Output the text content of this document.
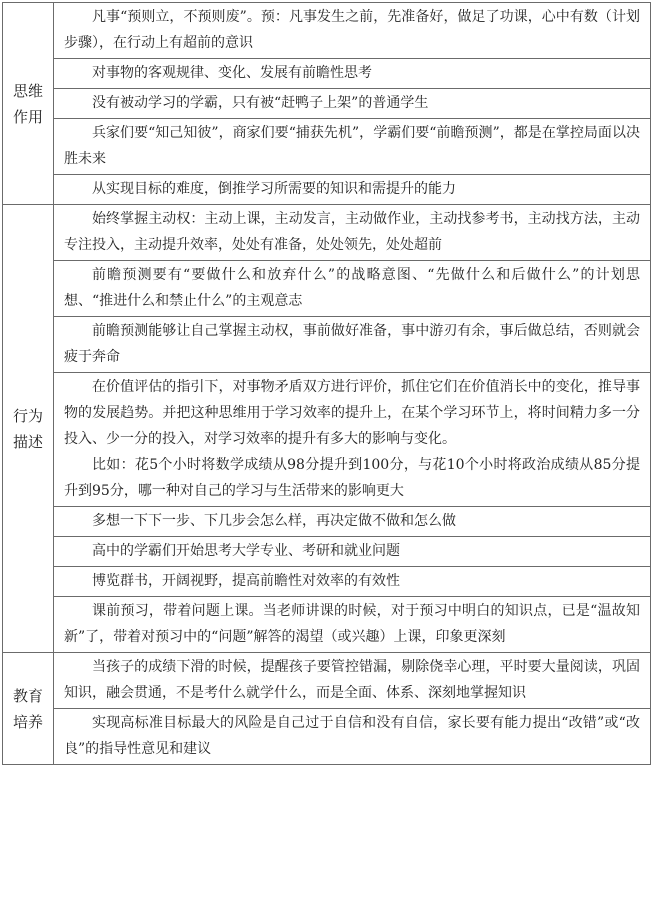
思维
作用	凡事“预则立，不预则废”。预：凡事发生之前，先准备好，做足了功课，心中有数（计划步骤），在行动上有超前的意识

	对事物的客观规律、变化、发展有前瞻性思考

	没有被动学习的学霸，只有被“赶鸭子上架”的普通学生

	兵家们要“知己知彼”，商家们要“捕获先机”，学霸们要“前瞻预测”，都是在掌控局面以决胜未来

	从实现目标的难度，倒推学习所需要的知识和需提升的能力

行为
描述	始终掌握主动权：主动上课，主动发言，主动做作业，主动找参考书，主动找方法，主动专注投入，主动提升效率，处处有准备，处处领先，处处超前

	前瞻预测要有“要做什么和放弃什么”的战略意图、“先做什么和后做什么”的计划思想、“推进什么和禁止什么”的主观意志

	前瞻预测能够让自己掌握主动权，事前做好准备，事中游刃有余，事后做总结，否则就会疲于奔命

	在价值评估的指引下，对事物矛盾双方进行评价，抓住它们在价值消长中的变化，推导事物的发展趋势。并把这种思维用于学习效率的提升上，在某个学习环节上，将时间精力多一分投入、少一分的投入，对学习效率的提升有多大的影响与变化。
比如：花5个小时将数学成绩从98分提升到100分，与花10个小时将政治成绩从85分提升到95分，哪一种对自己的学习与生活带来的影响更大

	多想一下下一步、下几步会怎么样，再决定做不做和怎么做

	高中的学霸们开始思考大学专业、考研和就业问题

	博览群书，开阔视野，提高前瞻性对效率的有效性

	课前预习，带着问题上课。当老师讲课的时候，对于预习中明白的知识点，已是“温故知新”了，带着对预习中的“问题”解答的渴望（或兴趣）上课，印象更深刻

教育
培养	当孩子的成绩下滑的时候，提醒孩子要管控错漏，剔除侥幸心理，平时要大量阅读，巩固知识，融会贯通，不是考什么就学什么，而是全面、体系、深刻地掌握知识

	实现高标准目标最大的风险是自己过于自信和没有自信，家长要有能力提出“改错”或“改良”的指导性意见和建议
